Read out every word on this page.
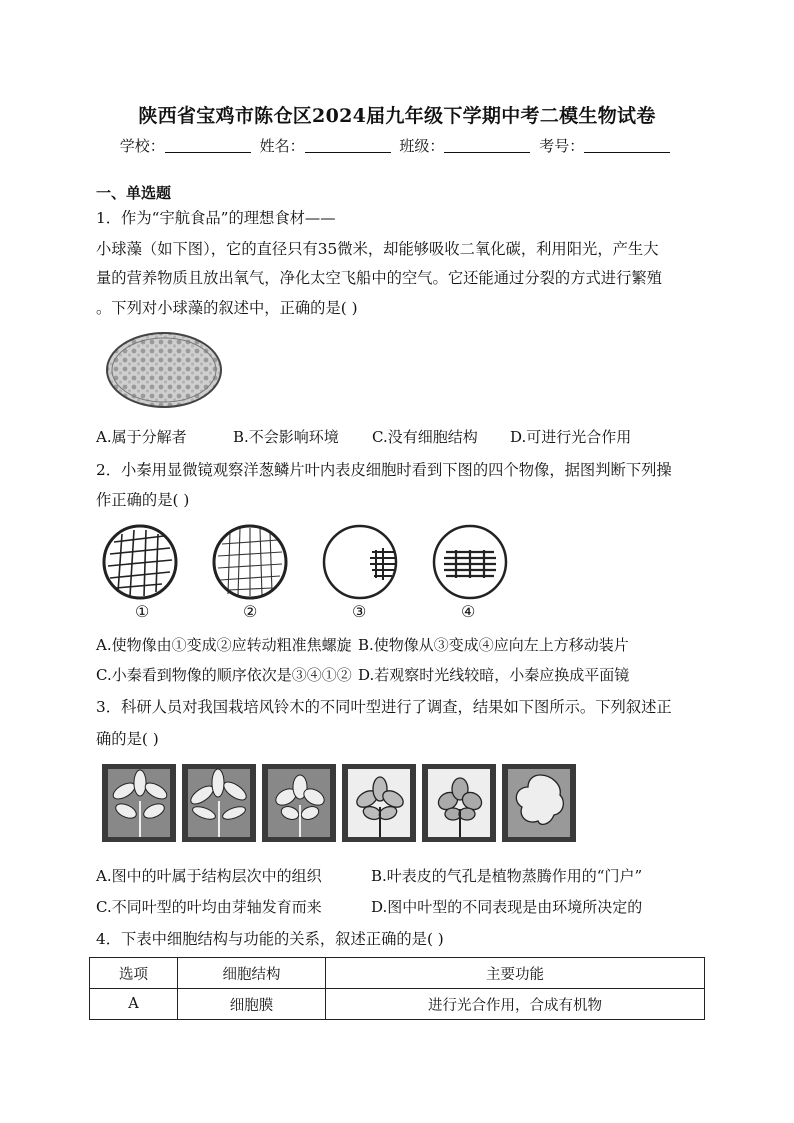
陕西省宝鸡市陈仓区2024届九年级下学期中考二模生物试卷
学校：	姓名：	班级：	考号：
一、单选题
1．作为“宇航食品”的理想食材——
小球藻（如下图），它的直径只有35微米，却能够吸收二氧化碳，利用阳光，产生大
量的营养物质且放出氧气，净化太空飞船中的空气。它还能通过分裂的方式进行繁殖
。下列对小球藻的叙述中，正确的是( )
A.属于分解者	B.不会影响环境 C.没有细胞结构 D.可进行光合作用
2．小秦用显微镜观察洋葱鳞片叶内表皮细胞时看到下图的四个物像，据图判断下列操
作正确的是( )
①	②	③	④
A.使物像由①变成②应转动粗准焦螺旋 B.使物像从③变成④应向左上方移动装片
C.小秦看到物像的顺序依次是③④①② D.若观察时光线较暗，小秦应换成平面镜
3．科研人员对我国栽培风铃木的不同叶型进行了调查，结果如下图所示。下列叙述正
确的是( )
A.图中的叶属于结构层次中的组织	B.叶表皮的气孔是植物蒸腾作用的“门户”
C.不同叶型的叶均由芽轴发育而来	D.图中叶型的不同表现是由环境所决定的
4．下表中细胞结构与功能的关系，叙述正确的是( )
选项	细胞结构	主要功能
A	细胞膜	进行光合作用，合成有机物
